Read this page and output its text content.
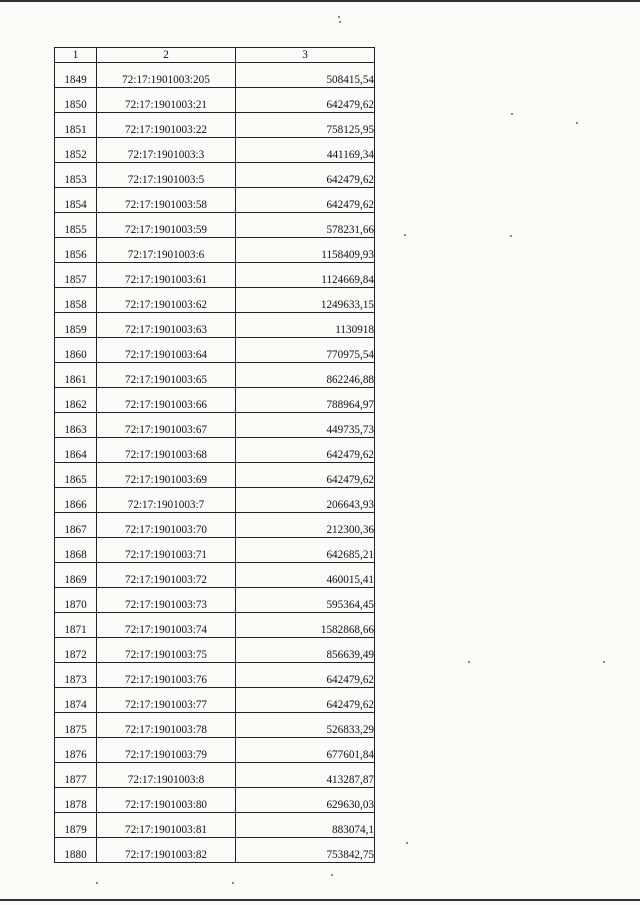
1	2	3
1849	72:17:1901003:205	508415,54
1850	72:17:1901003:21	642479,62
1851	72:17:1901003:22	758125,95
1852	72:17:1901003:3	441169,34
1853	72:17:1901003:5	642479,62
1854	72:17:1901003:58	642479,62
1855	72:17:1901003:59	578231,66
1856	72:17:1901003:6	1158409,93
1857	72:17:1901003:61	1124669,84
1858	72:17:1901003:62	1249633,15
1859	72:17:1901003:63	1130918
1860	72:17:1901003:64	770975,54
1861	72:17:1901003:65	862246,88
1862	72:17:1901003:66	788964,97
1863	72:17:1901003:67	449735,73
1864	72:17:1901003:68	642479,62
1865	72:17:1901003:69	642479,62
1866	72:17:1901003:7	206643,93
1867	72:17:1901003:70	212300,36
1868	72:17:1901003:71	642685,21
1869	72:17:1901003:72	460015,41
1870	72:17:1901003:73	595364,45
1871	72:17:1901003:74	1582868,66
1872	72:17:1901003:75	856639,49
1873	72:17:1901003:76	642479,62
1874	72:17:1901003:77	642479,62
1875	72:17:1901003:78	526833,29
1876	72:17:1901003:79	677601,84
1877	72:17:1901003:8	413287,87
1878	72:17:1901003:80	629630,03
1879	72:17:1901003:81	883074,1
1880	72:17:1901003:82	753842,75
